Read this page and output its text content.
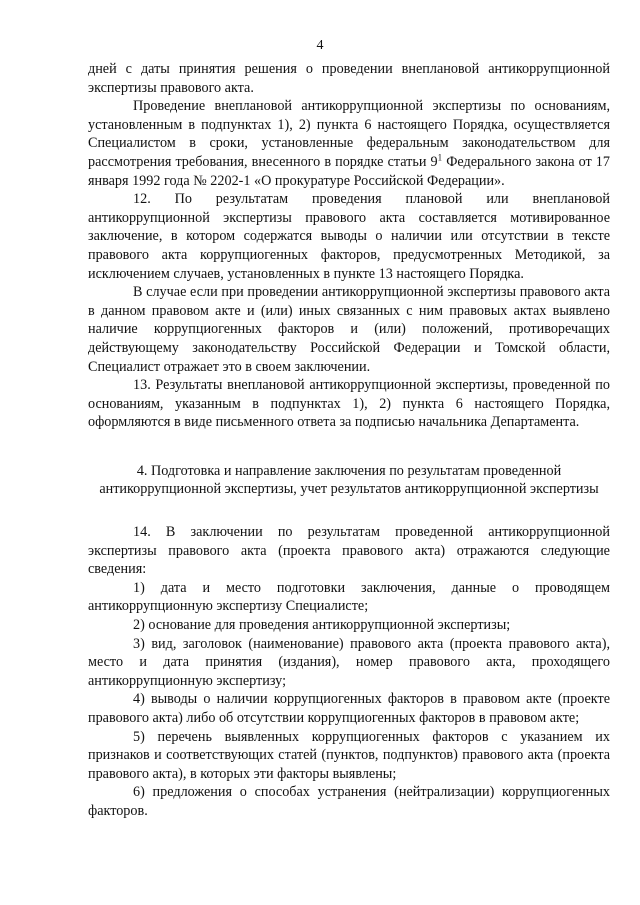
4

дней с даты принятия решения о проведении внеплановой антикоррупционной экспертизы правового акта.

Проведение внеплановой антикоррупционной экспертизы по основаниям, установленным в подпунктах 1), 2) пункта 6 настоящего Порядка, осуществляется Специалистом в сроки, установленные федеральным законодательством для рассмотрения требования, внесенного в порядке статьи $9^1$ Федерального закона от 17 января 1992 года № 2202-1 «О прокуратуре Российской Федерации».

12. По результатам проведения плановой или внеплановой антикоррупционной экспертизы правового акта составляется мотивированное заключение, в котором содержатся выводы о наличии или отсутствии в тексте правового акта коррупциогенных факторов, предусмотренных Методикой, за исключением случаев, установленных в пункте 13 настоящего Порядка.

В случае если при проведении антикоррупционной экспертизы правового акта в данном правовом акте и (или) иных связанных с ним правовых актах выявлено наличие коррупциогенных факторов и (или) положений, противоречащих действующему законодательству Российской Федерации и Томской области, Специалист отражает это в своем заключении.

13. Результаты внеплановой антикоррупционной экспертизы, проведенной по основаниям, указанным в подпунктах 1), 2) пункта 6 настоящего Порядка, оформляются в виде письменного ответа за подписью начальника Департамента.

4. Подготовка и направление заключения по результатам проведенной антикоррупционной экспертизы, учет результатов антикоррупционной экспертизы

14. В заключении по результатам проведенной антикоррупционной экспертизы правового акта (проекта правового акта) отражаются следующие сведения:

1) дата и место подготовки заключения, данные о проводящем антикоррупционную экспертизу Специалисте;

2) основание для проведения антикоррупционной экспертизы;

3) вид, заголовок (наименование) правового акта (проекта правового акта), место и дата принятия (издания), номер правового акта, проходящего антикоррупционную экспертизу;

4) выводы о наличии коррупциогенных факторов в правовом акте (проекте правового акта) либо об отсутствии коррупциогенных факторов в правовом акте;

5) перечень выявленных коррупциогенных факторов с указанием их признаков и соответствующих статей (пунктов, подпунктов) правового акта (проекта правового акта), в которых эти факторы выявлены;

6) предложения о способах устранения (нейтрализации) коррупциогенных факторов.
